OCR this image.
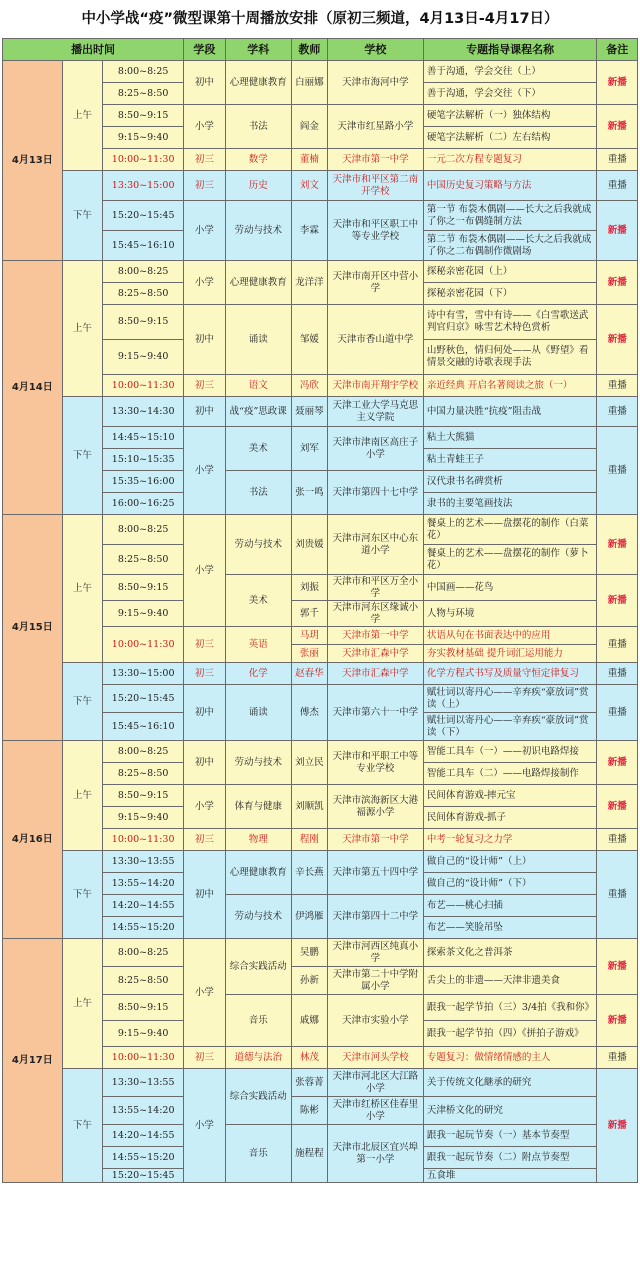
中小学战“疫”微型课第十周播放安排（原初三频道，4月13日-4月17日）
播出时间			学段	学科	教师	学校	专题指导课程名称	备注
4月13日	上午	8:00~8:25	初中	心理健康教育	白丽娜	天津市海河中学	善于沟通，学会交往（上）	新播
		8:25~8:50					善于沟通，学会交往（下）	
		8:50~9:15	小学	书法	阎金	天津市红星路小学	硬笔字法解析（一）独体结构	新播
		9:15~9:40					硬笔字法解析（二）左右结构	
		10:00~11:30	初三	数学	董楠	天津市第一中学	一元二次方程专题复习	重播
	下午	13:30~15:00	初三	历史	刘文	天津市和平区第二南开学校	中国历史复习策略与方法	重播
		15:20~15:45	小学	劳动与技术	李霖	天津市和平区职工中等专业学校	第一节 布袋木偶剧——长大之后我就成了你之一布偶缝制方法	新播
		15:45~16:10					第二节 布袋木偶剧——长大之后我就成了你之二布偶制作微剧场	
4月14日	上午	8:00~8:25	小学	心理健康教育	龙洋洋	天津市南开区中营小学	探秘亲密花园（上）	新播
		8:25~8:50					探秘亲密花园（下）	
		8:50~9:15	初中	诵读	邹媛	天津市香山道中学	诗中有雪，雪中有诗——《白雪歌送武判官归京》咏雪艺术特色赏析	新播
		9:15~9:40					山野秋色，情归何处——从《野望》看情景交融的诗歌表现手法	
		10:00~11:30	初三	语文	冯欣	天津市南开翔宇学校	亲近经典 开启名著阅读之旅（一）	重播
	下午	13:30~14:30	初中	战“疫”思政课	聂丽琴	天津工业大学马克思主义学院	中国力量决胜“抗疫”阻击战	重播
		14:45~15:10	小学	美术	刘军	天津市津南区高庄子小学	粘土大熊猫	重播
		15:10~15:35					粘土青蛙王子	
		15:35~16:00		书法	张一鸣	天津市第四十七中学	汉代隶书名碑赏析	
		16:00~16:25					隶书的主要笔画技法	
4月15日	上午	8:00~8:25	小学	劳动与技术	刘贵媛	天津市河东区中心东道小学	餐桌上的艺术——盘摆花的制作（白菜花）	新播
		8:25~8:50					餐桌上的艺术——盘摆花的制作（萝卜花）	
		8:50~9:15		美术	刘振	天津市和平区万全小学	中国画——花鸟	新播
		9:15~9:40			郭千	天津市河东区缘诚小学	人物与环境	
		10:00~11:30	初三	英语	马玥	天津市第一中学	状语从句在书面表达中的应用	重播
					张丽	天津市汇森中学	夯实教材基础 提升词汇运用能力	
	下午	13:30~15:00	初三	化学	赵春华	天津市汇森中学	化学方程式书写及质量守恒定律复习	重播
		15:20~15:45	初中	诵读	傅杰	天津市第六十一中学	赋壮词以寄丹心——辛弃疾“豪放词”赏读（上）	重播
		15:45~16:10					赋壮词以寄丹心——辛弃疾“豪放词”赏读（下）	
4月16日	上午	8:00~8:25	初中	劳动与技术	刘立民	天津市和平职工中等专业学校	智能工具车（一）——初识电路焊接	新播
		8:25~8:50					智能工具车（二）——电路焊接制作	
		8:50~9:15	小学	体育与健康	刘顺凯	天津市滨海新区大港福源小学	民间体育游戏-摔元宝	新播
		9:15~9:40					民间体育游戏-抓子	
		10:00~11:30	初三	物理	程刚	天津市第一中学	中考一轮复习之力学	重播
	下午	13:30~13:55	初中	心理健康教育	辛长燕	天津市第五十四中学	做自己的“设计师”（上）	重播
		13:55~14:20					做自己的“设计师”（下）	
		14:20~14:55		劳动与技术	伊鸿雁	天津市第四十二中学	布艺——桃心扫插	
		14:55~15:20					布艺——笑脸吊坠	
4月17日	上午	8:00~8:25	小学	综合实践活动	吴鹏	天津市河西区纯真小学	探索茶文化之普洱茶	新播
		8:25~8:50			孙新	天津市第二十中学附属小学	舌尖上的非遗——天津非遗美食	
		8:50~9:15		音乐	戚娜	天津市实验小学	跟我一起学节拍（三）3/4拍《我和你》	新播
		9:15~9:40					跟我一起学节拍（四）《拼拍子游戏》	
		10:00~11:30	初三	道德与法治	林茂	天津市河头学校	专题复习：做情绪情感的主人	重播
	下午	13:30~13:55	小学	综合实践活动	张蓉菁	天津市河北区大江路小学	关于传统文化継承的研究	新播
		13:55~14:20			陈彬	天津市红桥区佳春里小学	天津桥文化的研究	
		14:20~14:55		音乐	施程程	天津市北辰区宜兴埠第一小学	跟我一起玩节奏（一）基本节奏型	
		14:55~15:20					跟我一起玩节奏（二）附点节奏型	
		15:20~15:45					五食堆	
